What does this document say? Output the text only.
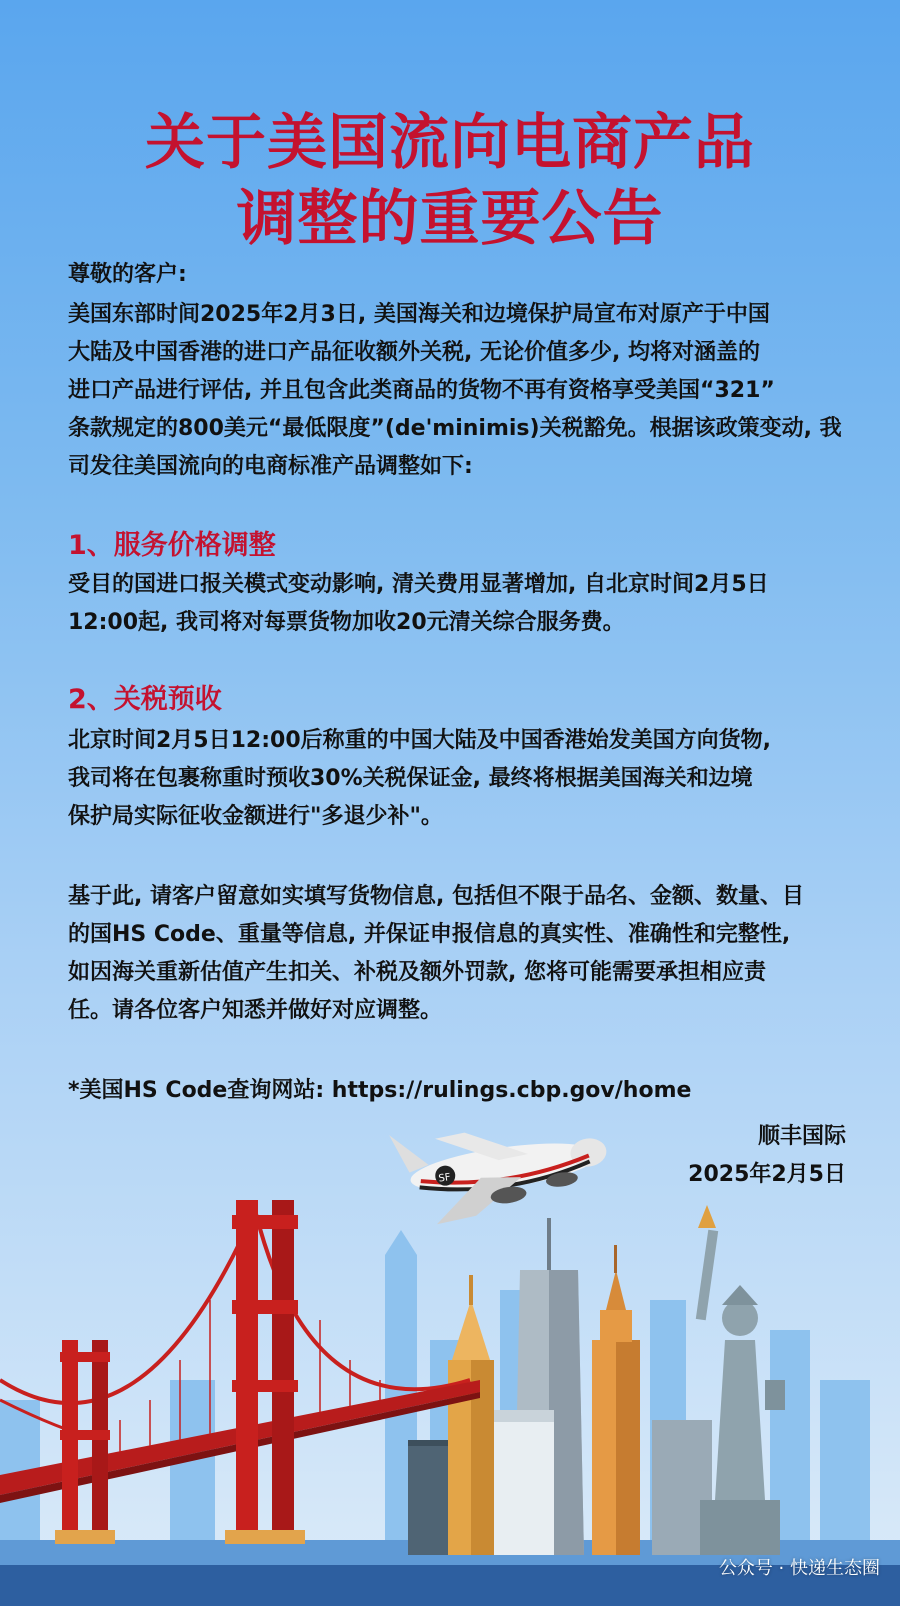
关于美国流向电商产品
调整的重要公告
尊敬的客户:
美国东部时间2025年2月3日, 美国海关和边境保护局宣布对原产于中国
大陆及中国香港的进口产品征收额外关税, 无论价值多少, 均将对涵盖的
进口产品进行评估, 并且包含此类商品的货物不再有资格享受美国“321”
条款规定的800美元“最低限度”(de'minimis)关税豁免。根据该政策变动, 我
司发往美国流向的电商标准产品调整如下:
1、服务价格调整
受目的国进口报关模式变动影响, 清关费用显著增加, 自北京时间2月5日
12:00起, 我司将对每票货物加收20元清关综合服务费。
2、关税预收
北京时间2月5日12:00后称重的中国大陆及中国香港始发美国方向货物,
我司将在包裹称重时预收30%关税保证金, 最终将根据美国海关和边境
保护局实际征收金额进行"多退少补"。
基于此, 请客户留意如实填写货物信息, 包括但不限于品名、金额、数量、目
的国HS Code、重量等信息, 并保证申报信息的真实性、准确性和完整性,
如因海关重新估值产生扣关、补税及额外罚款, 您将可能需要承担相应责
任。请各位客户知悉并做好对应调整。
*美国HS Code查询网站: https://rulings.cbp.gov/home
顺丰国际
2025年2月5日
SF
公众号 · 快递生态圈
